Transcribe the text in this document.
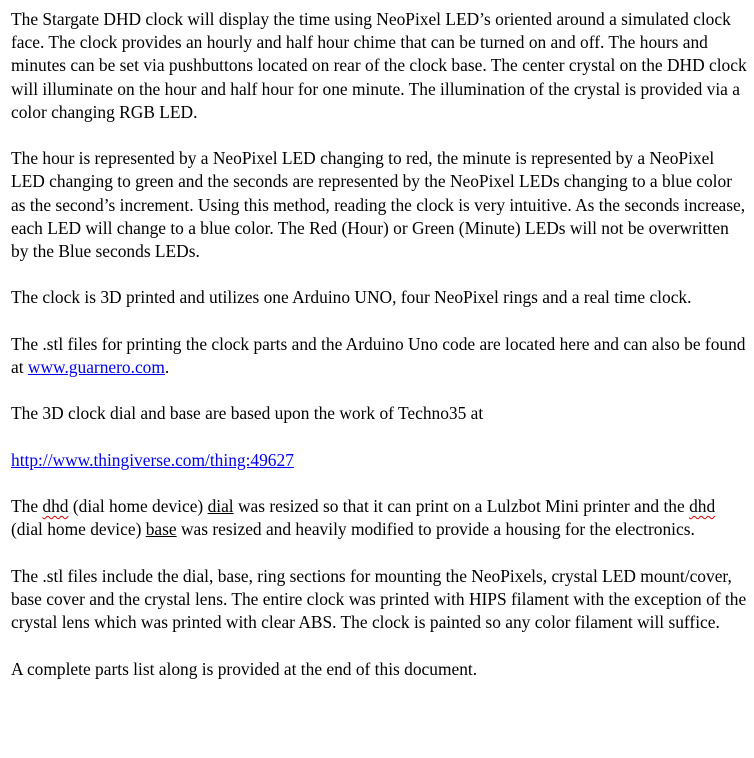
The Stargate DHD clock will display the time using NeoPixel LED’s oriented around a simulated clock face. The clock provides an hourly and half hour chime that can be turned on and off. The hours and minutes can be set via pushbuttons located on rear of the clock base. The center crystal on the DHD clock will illuminate on the hour and half hour for one minute. The illumination of the crystal is provided via a color changing RGB LED.

The hour is represented by a NeoPixel LED changing to red, the minute is represented by a NeoPixel LED changing to green and the seconds are represented by the NeoPixel LEDs changing to a blue color as the second’s increment. Using this method, reading the clock is very intuitive. As the seconds increase, each LED will change to a blue color. The Red (Hour) or Green (Minute) LEDs will not be overwritten by the Blue seconds LEDs.

The clock is 3D printed and utilizes one Arduino UNO, four NeoPixel rings and a real time clock.

The .stl files for printing the clock parts and the Arduino Uno code are located here and can also be found at www.guarnero.com.

The 3D clock dial and base are based upon the work of Techno35 at

http://www.thingiverse.com/thing:49627

The dhd (dial home device) dial was resized so that it can print on a Lulzbot Mini printer and the dhd (dial home device) base was resized and heavily modified to provide a housing for the electronics.

The .stl files include the dial, base, ring sections for mounting the NeoPixels, crystal LED mount/cover, base cover and the crystal lens. The entire clock was printed with HIPS filament with the exception of the crystal lens which was printed with clear ABS. The clock is painted so any color filament will suffice.

A complete parts list along is provided at the end of this document.
